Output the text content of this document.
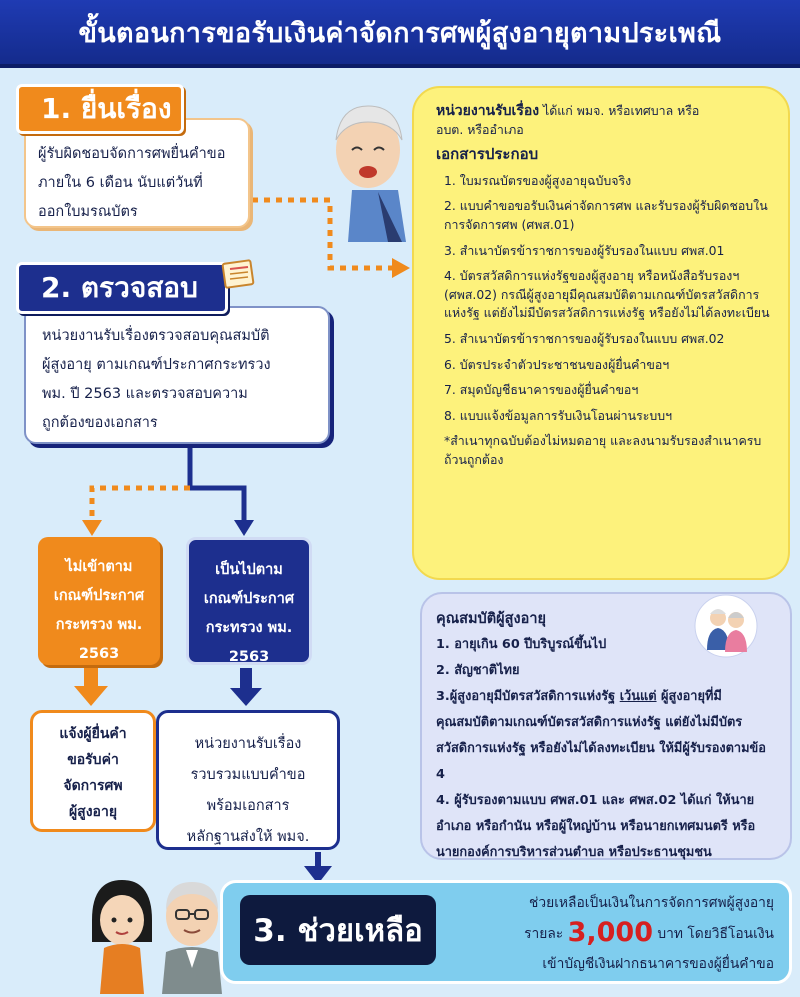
ขั้นตอนการขอรับเงินค่าจัดการศพผู้สูงอายุตามประเพณี
ผู้รับผิดชอบจัดการศพยื่นคำขอ
ภายใน 6 เดือน นับแต่วันที่
ออกใบมรณบัตร
1. ยื่นเรื่อง
หน่วยงานรับเรื่องตรวจสอบคุณสมบัติ
ผู้สูงอายุ ตามเกณฑ์ประกาศกระทรวง
พม. ปี 2563 และตรวจสอบความ
ถูกต้องของเอกสาร
2. ตรวจสอบ
หน่วยงานรับเรื่อง ได้แก่ พมจ. หรือเทศบาล หรือ
อบต. หรืออำเภอ
เอกสารประกอบ
1. ใบมรณบัตรของผู้สูงอายุฉบับจริง
2. แบบคำขอขอรับเงินค่าจัดการศพ และรับรองผู้รับผิดชอบในการจัดการศพ (ศพส.01)
3. สำเนาบัตรข้าราชการของผู้รับรองในแบบ ศพส.01
4. บัตรสวัสดิการแห่งรัฐของผู้สูงอายุ หรือหนังสือรับรองฯ (ศพส.02) กรณีผู้สูงอายุมีคุณสมบัติตามเกณฑ์บัตรสวัสดิการแห่งรัฐ แต่ยังไม่มีบัตรสวัสดิการแห่งรัฐ หรือยังไม่ได้ลงทะเบียน
5. สำเนาบัตรข้าราชการของผู้รับรองในแบบ ศพส.02
6. บัตรประจำตัวประชาชนของผู้ยื่นคำขอฯ
7. สมุดบัญชีธนาคารของผู้ยื่นคำขอฯ
8. แบบแจ้งข้อมูลการรับเงินโอนผ่านระบบฯ
*สำเนาทุกฉบับต้องไม่หมดอายุ และลงนามรับรองสำเนาครบถ้วนถูกต้อง
ไม่เข้าตาม
เกณฑ์ประกาศ
กระทรวง พม.
2563
เป็นไปตาม
เกณฑ์ประกาศ
กระทรวง พม.
2563
แจ้งผู้ยื่นคำ
ขอรับค่า
จัดการศพ
ผู้สูงอายุ
หน่วยงานรับเรื่อง
รวบรวมแบบคำขอ
พร้อมเอกสาร
หลักฐานส่งให้ พมจ.
คุณสมบัติผู้สูงอายุ
1. อายุเกิน 60 ปีบริบูรณ์ขึ้นไป
2. สัญชาติไทย
3.ผู้สูงอายุมีบัตรสวัสดิการแห่งรัฐ เว้นแต่ ผู้สูงอายุที่มีคุณสมบัติตามเกณฑ์บัตรสวัสดิการแห่งรัฐ แต่ยังไม่มีบัตรสวัสดิการแห่งรัฐ หรือยังไม่ได้ลงทะเบียน ให้มีผู้รับรองตามข้อ 4
4. ผู้รับรองตามแบบ ศพส.01 และ ศพส.02 ได้แก่ ให้นายอำเภอ หรือกำนัน หรือผู้ใหญ่บ้าน หรือนายกเทศมนตรี หรือนายกองค์การบริหารส่วนตำบล หรือประธานชุมชน
3. ช่วยเหลือ
ช่วยเหลือเป็นเงินในการจัดการศพผู้สูงอายุ
รายละ 3,000 บาท โดยวิธีโอนเงิน
เข้าบัญชีเงินฝากธนาคารของผู้ยื่นคำขอ
